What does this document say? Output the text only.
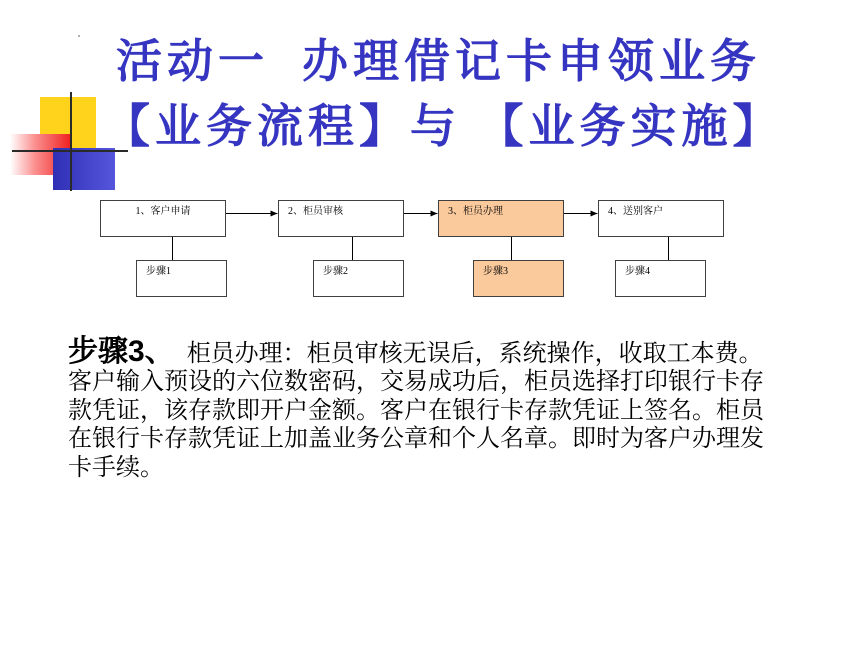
活动一  办理借记卡申领业务
【业务流程】与 【业务实施】
1、客户申请	2、柜员审核	3、柜员办理	4、送别客户
步骤1	步骤2	步骤3	步骤4
步骤3、 柜员办理：柜员审核无误后，系统操作，收取工本费。
客户输入预设的六位数密码，交易成功后，柜员选择打印银行卡存
款凭证，该存款即开户金额。客户在银行卡存款凭证上签名。柜员
在银行卡存款凭证上加盖业务公章和个人名章。即时为客户办理发
卡手续。
